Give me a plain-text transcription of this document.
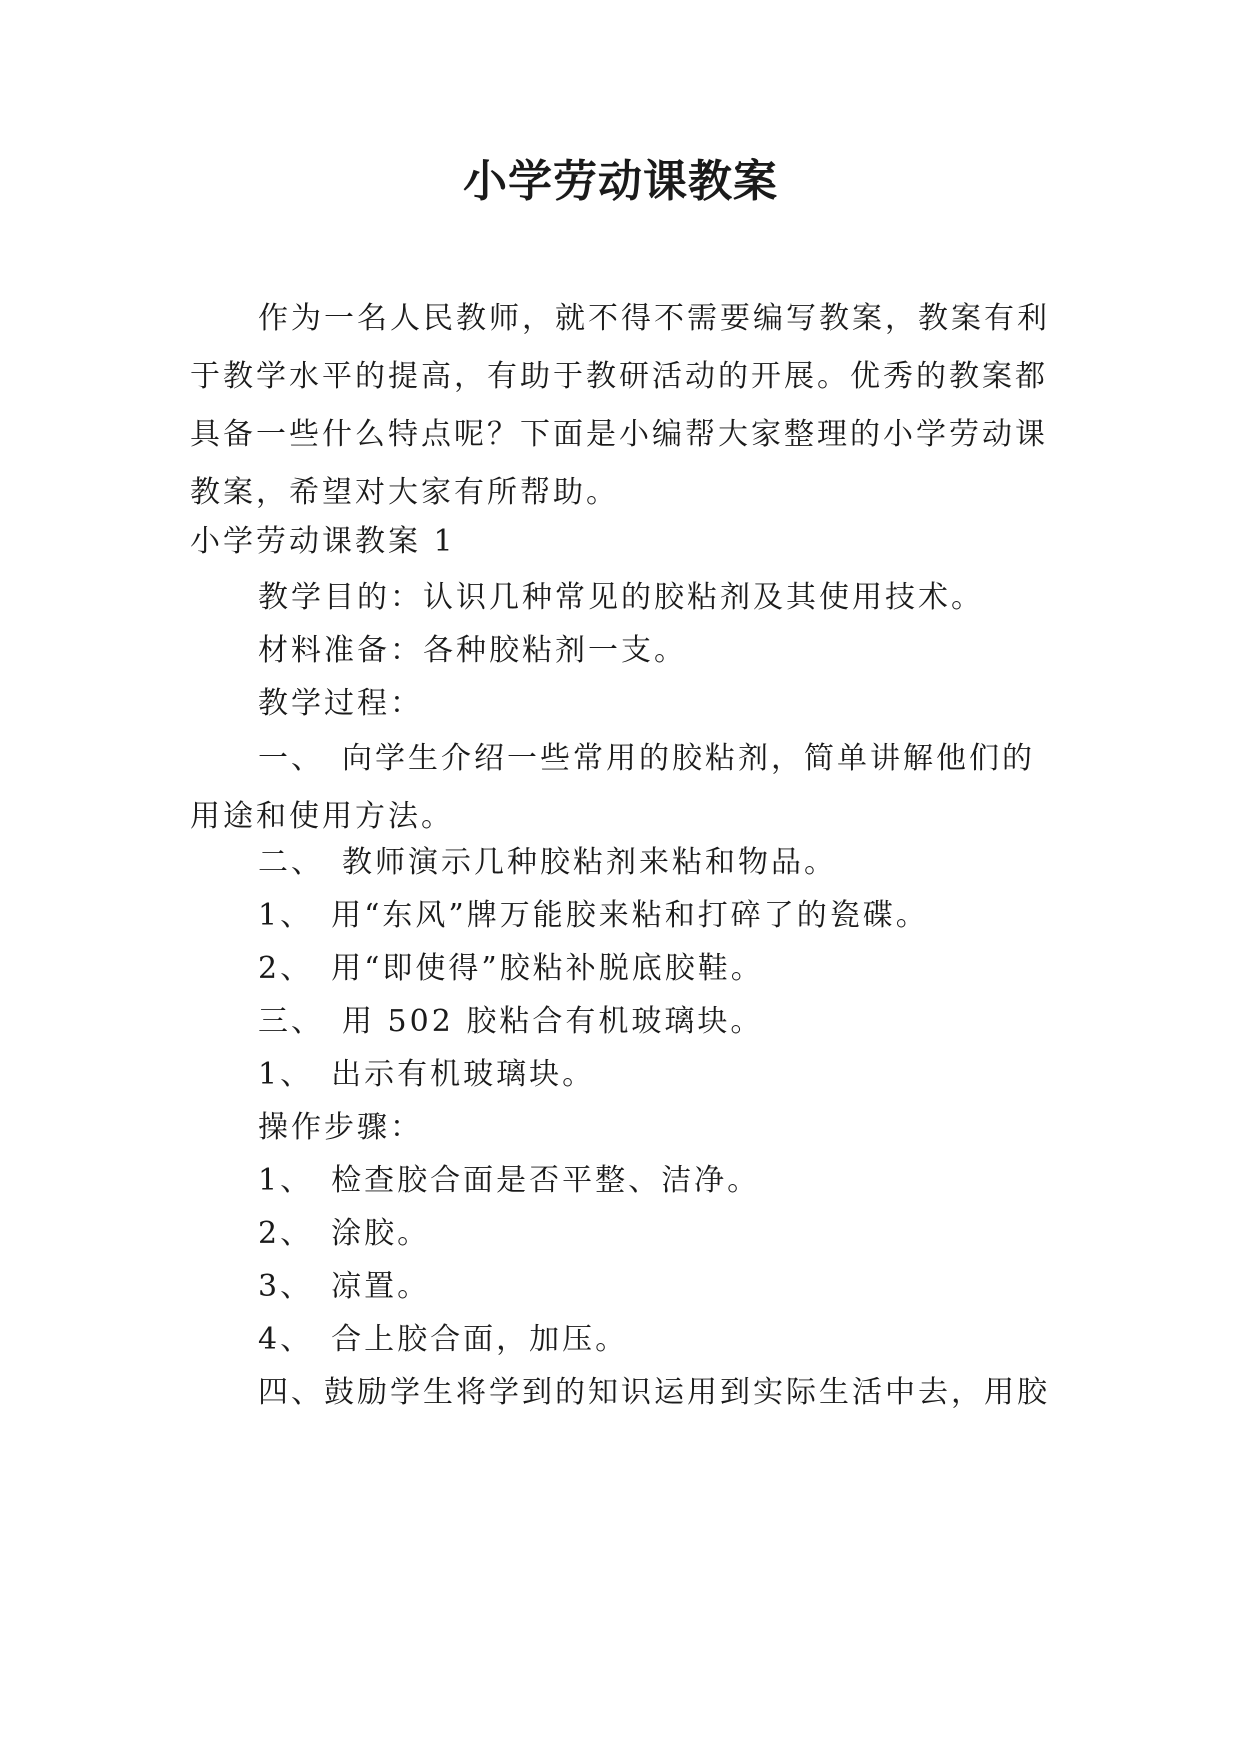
小学劳动课教案

作为一名人民教师，就不得不需要编写教案，教案有利于教学水平的提高，有助于教研活动的开展。优秀的教案都具备一些什么特点呢？下面是小编帮大家整理的小学劳动课教案，希望对大家有所帮助。

小学劳动课教案 1
教学目的：认识几种常见的胶粘剂及其使用技术。
材料准备：各种胶粘剂一支。
教学过程：

一、　向学生介绍一些常用的胶粘剂，简单讲解他们的用途和使用方法。

二、　教师演示几种胶粘剂来粘和物品。
1、　用“东风”牌万能胶来粘和打碎了的瓷碟。
2、　用“即使得”胶粘补脱底胶鞋。
三、　用 502 胶粘合有机玻璃块。
1、　出示有机玻璃块。
操作步骤：
1、　检查胶合面是否平整、洁净。
2、　涂胶。
3、　凉置。
4、　合上胶合面，加压。
四、鼓励学生将学到的知识运用到实际生活中去，用胶
